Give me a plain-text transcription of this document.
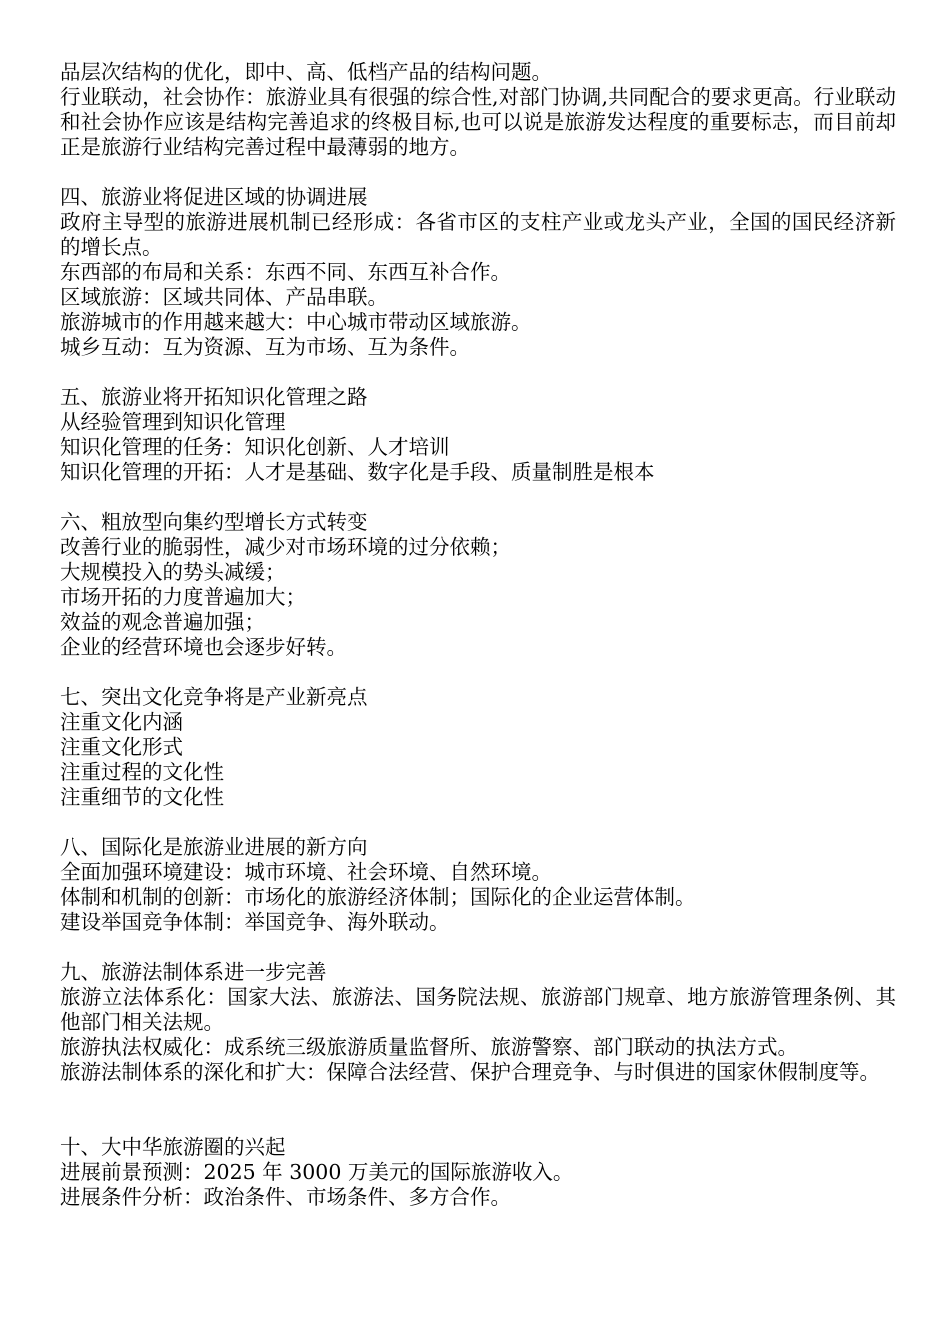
品层次结构的优化，即中、高、低档产品的结构问题。

行业联动，社会协作：旅游业具有很强的综合性,对部门协调,共同配合的要求更高。行业联动和社会协作应该是结构完善追求的终极目标,也可以说是旅游发达程度的重要标志，而目前却正是旅游行业结构完善过程中最薄弱的地方。

四、旅游业将促进区域的协调进展

政府主导型的旅游进展机制已经形成：各省市区的支柱产业或龙头产业，全国的国民经济新的增长点。

东西部的布局和关系：东西不同、东西互补合作。

区域旅游：区域共同体、产品串联。

旅游城市的作用越来越大：中心城市带动区域旅游。

城乡互动：互为资源、互为市场、互为条件。

五、旅游业将开拓知识化管理之路

从经验管理到知识化管理

知识化管理的任务：知识化创新、人才培训

知识化管理的开拓：人才是基础、数字化是手段、质量制胜是根本

六、粗放型向集约型增长方式转变

改善行业的脆弱性，减少对市场环境的过分依赖；

大规模投入的势头减缓；

市场开拓的力度普遍加大；

效益的观念普遍加强；

企业的经营环境也会逐步好转。

七、突出文化竞争将是产业新亮点

注重文化内涵

注重文化形式

注重过程的文化性

注重细节的文化性

八、国际化是旅游业进展的新方向

全面加强环境建设：城市环境、社会环境、自然环境。

体制和机制的创新：市场化的旅游经济体制；国际化的企业运营体制。

建设举国竞争体制：举国竞争、海外联动。

九、旅游法制体系进一步完善

旅游立法体系化：国家大法、旅游法、国务院法规、旅游部门规章、地方旅游管理条例、其他部门相关法规。

旅游执法权威化：成系统三级旅游质量监督所、旅游警察、部门联动的执法方式。

旅游法制体系的深化和扩大：保障合法经营、保护合理竞争、与时俱进的国家休假制度等。

十、大中华旅游圈的兴起

进展前景预测：2025 年 3000 万美元的国际旅游收入。

进展条件分析：政治条件、市场条件、多方合作。
